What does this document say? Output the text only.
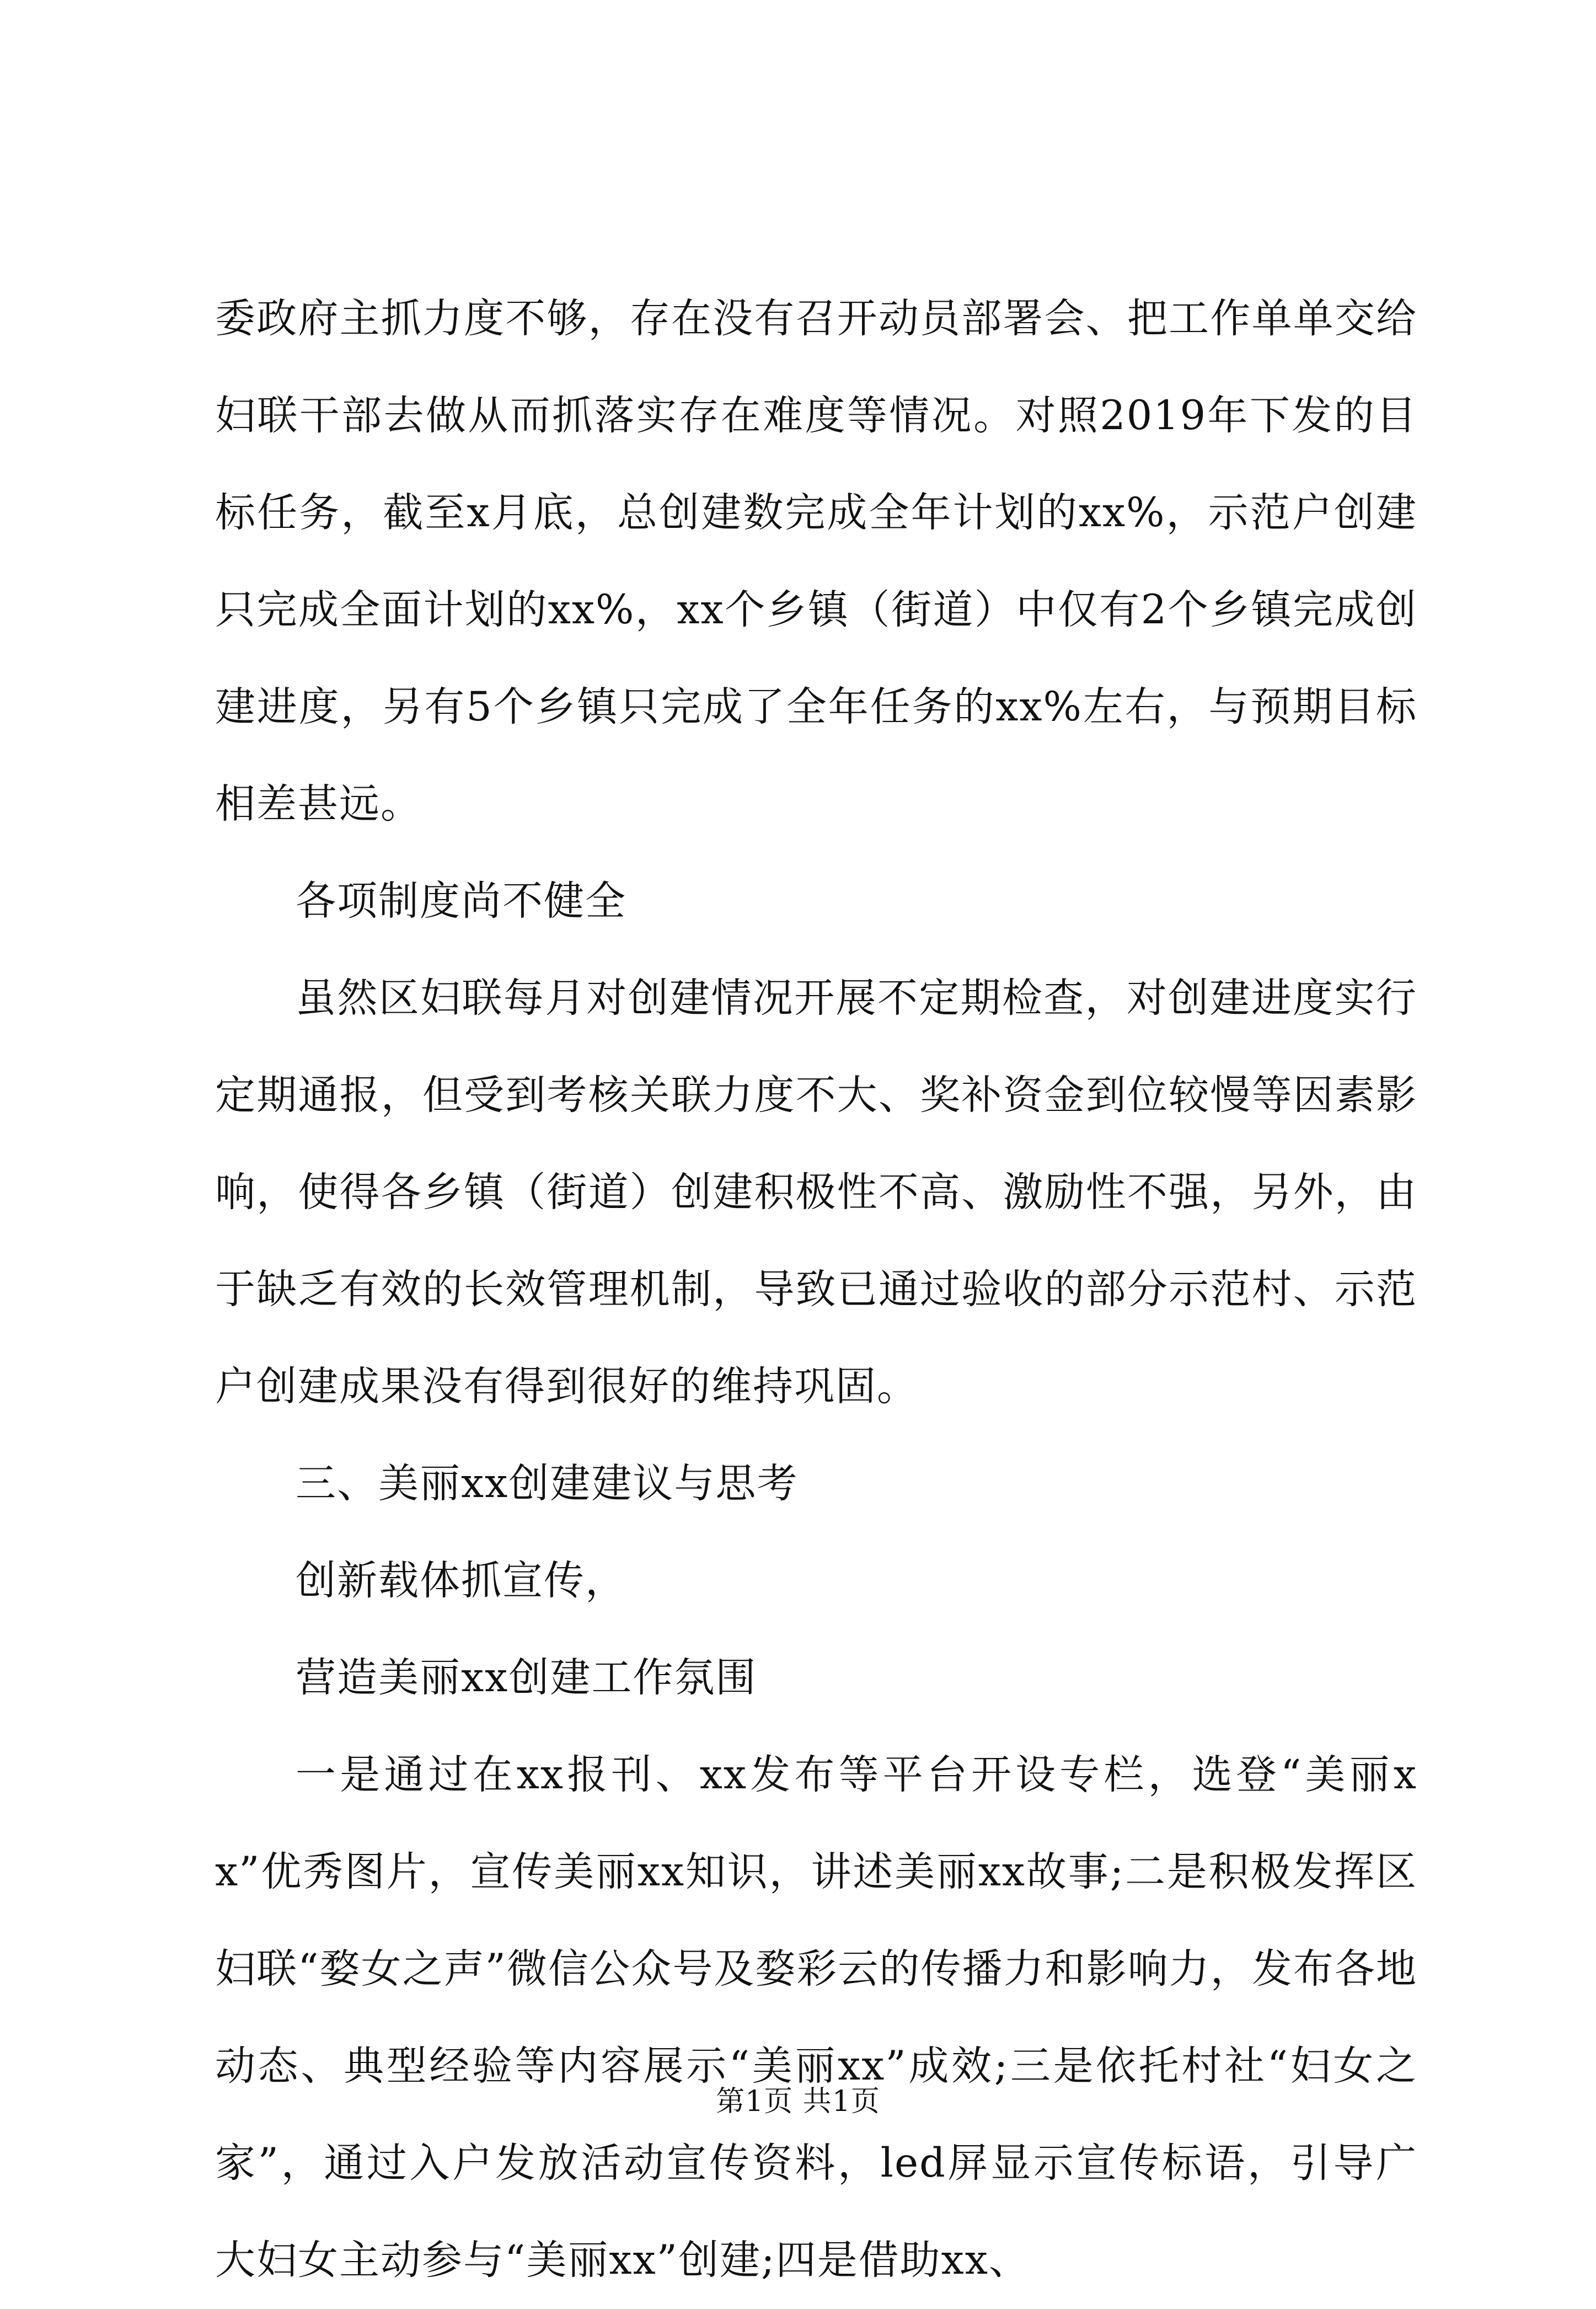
委政府主抓力度不够，存在没有召开动员部署会、把工作单单交给妇联干部去做从而抓落实存在难度等情况。对照2019年下发的目标任务，截至x月底，总创建数完成全年计划的xx%，示范户创建只完成全面计划的xx%，xx个乡镇（街道）中仅有2个乡镇完成创建进度，另有5个乡镇只完成了全年任务的xx%左右，与预期目标相差甚远。

各项制度尚不健全

虽然区妇联每月对创建情况开展不定期检查，对创建进度实行定期通报，但受到考核关联力度不大、奖补资金到位较慢等因素影响，使得各乡镇（街道）创建积极性不高、激励性不强，另外，由于缺乏有效的长效管理机制，导致已通过验收的部分示范村、示范户创建成果没有得到很好的维持巩固。

三、美丽xx创建建议与思考

创新载体抓宣传，

营造美丽xx创建工作氛围

一是通过在xx报刊、xx发布等平台开设专栏，选登“美丽xx”优秀图片，宣传美丽xx知识，讲述美丽xx故事;二是积极发挥区妇联“婺女之声”微信公众号及婺彩云的传播力和影响力，发布各地动态、典型经验等内容展示“美丽xx”成效;三是依托村社“妇女之家”，通过入户发放活动宣传资料，led屏显示宣传标语，引导广大妇女主动参与“美丽xx”创建;四是借助xx、

第1页 共1页
